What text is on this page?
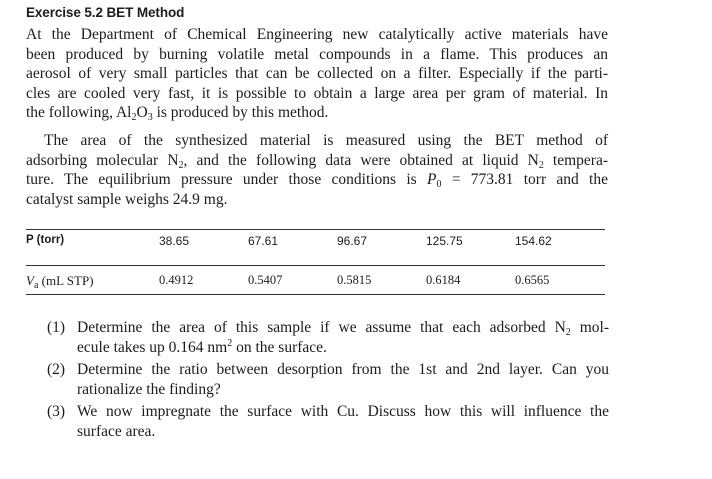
Exercise 5.2 BET Method
At the Department of Chemical Engineering new catalytically active materials have
been produced by burning volatile metal compounds in a flame. This produces an
aerosol of very small particles that can be collected on a filter. Especially if the parti-
cles are cooled very fast, it is possible to obtain a large area per gram of material. In
the following, $Al_2O_3$ is produced by this method.
The area of the synthesized material is measured using the BET method of
adsorbing molecular $N_2$, and the following data were obtained at liquid $N_2$ tempera-
ture. The equilibrium pressure under those conditions is $P_0 = 773.81$ torr and the
catalyst sample weighs 24.9 mg.
P (torr)	38.65	67.61	96.67	125.75	154.62
$V_a$ (mL STP)	0.4912	0.5407	0.5815	0.6184	0.6565
(1) Determine the area of this sample if we assume that each adsorbed $N_2$ mol-
ecule takes up 0.164 $nm^2$ on the surface.
(2) Determine the ratio between desorption from the 1st and 2nd layer. Can you
rationalize the finding?
(3) We now impregnate the surface with Cu. Discuss how this will influence the
surface area.
